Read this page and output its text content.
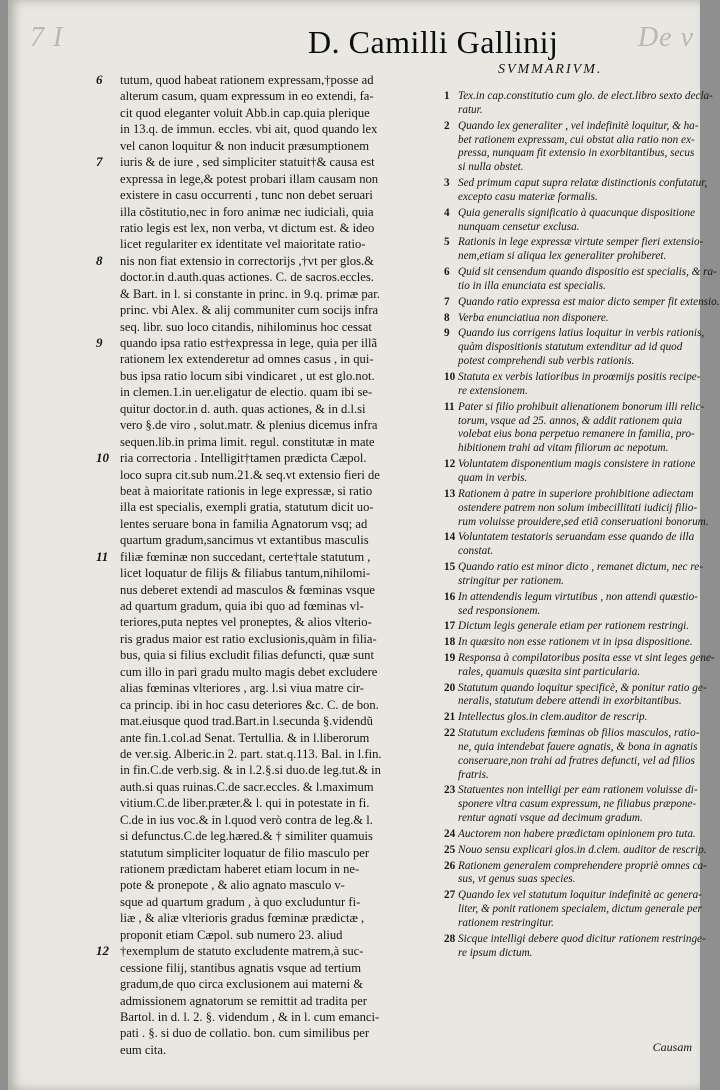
7 I	De v
D. Camilli Gallinij
6 tutum, quod habeat rationem expressam,†posse ad
alterum casum, quam expressum in eo extendi, fa-
cit quod eleganter voluit Abb.in cap.quia plerique
in 13.q. de immun. eccles. vbi ait, quod quando lex
vel canon loquitur & non inducit præsumptionem
7 iuris & de iure , sed simpliciter statuit†& causa est
expressa in lege,& potest probari illam causam non
existere in casu occurrenti , tunc non debet seruari
illa cõstitutio,nec in foro animæ nec iudiciali, quia
ratio legis est lex, non verba, vt dictum est. & ideo
licet regulariter ex identitate vel maioritate ratio-
8 nis non fiat extensio in correctorijs ,†vt per glos.&
doctor.in d.auth.quas actiones. C. de sacros.eccles.
& Bart. in l. si constante in princ. in 9.q. primæ par.
princ. vbi Alex. & alij communiter cum socijs infra
seq. libr. suo loco citandis, nihilominus hoc cessat
9 quando ipsa ratio est†expressa in lege, quia per illã
rationem lex extenderetur ad omnes casus , in qui-
bus ipsa ratio locum sibi vindicaret , ut est glo.not.
in clemen.1.in uer.eligatur de electio. quam ibi se-
quitur doctor.in d. auth. quas actiones, & in d.l.si
vero §.de viro , solut.matr. & plenius dicemus infra
sequen.lib.in prima limit. regul. constitutæ in mate
10 ria correctoria . Intelligit†tamen prædicta Cæpol.
loco supra cit.sub num.21.& seq.vt extensio fieri de
beat à maioritate rationis in lege expressæ, si ratio
illa est specialis, exempli gratia, statutum dicit uo-
lentes seruare bona in familia Agnatorum vsq; ad
quartum gradum,sancimus vt extantibus masculis
11 filiæ fœminæ non succedant, certe†tale statutum ,
licet loquatur de filijs & filiabus tantum,nihilomi-
nus deberet extendi ad masculos & fœminas vsque
ad quartum gradum, quia ibi quo ad fœminas vl-
teriores,puta neptes vel proneptes, & alios vlterio-
ris gradus maior est ratio exclusionis,quàm in filia-
bus, quia si filius excludit filias defuncti, quæ sunt
cum illo in pari gradu multo magis debet excludere
alias fœminas vlteriores , arg. l.si viua matre cir-
ca princip. ibi in hoc casu deteriores &c. C. de bon.
mat.eiusque quod trad.Bart.in l.secunda §.videndũ
ante fin.1.col.ad Senat. Tertullia. & in l.liberorum
de ver.sig. Alberic.in 2. part. stat.q.113. Bal. in l.fin.
in fin.C.de verb.sig. & in l.2.§.si duo.de leg.tut.& in
auth.si quas ruinas.C.de sacr.eccles. & l.maximum
vitium.C.de liber.præter.& l. qui in potestate in fi.
C.de in ius voc.& in l.quod verò contra de leg.& l.
si defunctus.C.de leg.hæred.& † similiter quamuis
statutum simpliciter loquatur de filio masculo per
rationem prædictam haberet etiam locum in ne-
pote & pronepote , & alio agnato masculo v-
sque ad quartum gradum , à quo excluduntur fi-
liæ , & aliæ vlterioris gradus fœminæ prædictæ ,
proponit etiam Cæpol. sub numero 23. aliud
12 †exemplum de statuto excludente matrem,à suc-
cessione filij, stantibus agnatis vsque ad tertium
gradum,de quo circa exclusionem aui materni &
admissionem agnatorum se remittit ad tradita per
Bartol. in d. l. 2. §. videndum , & in l. cum emanci-
pati . §. si duo de collatio. bon. cum similibus per
eum cita.
SVMMARIVM.
1 Tex.in cap.constitutio cum glo. de elect.libro sexto decla-
ratur.
2 Quando lex generaliter , vel indefinitè loquitur, & ha-
bet rationem expressam, cui obstat alia ratio non ex-
pressa, nunquam fit extensio in exorbitantibus, secus
si nulla obstet.
3 Sed primum caput supra relatæ distinctionis confutatur,
excepto casu materiæ formalis.
4 Quia generalis significatio à quacunque dispositione
nunquam censetur exclusa.
5 Rationis in lege expressæ virtute semper fieri extensio-
nem,etiam si aliqua lex generaliter prohiberet.
6 Quid sit censendum quando dispositio est specialis, & ra-
tio in illa enunciata est specialis.
7 Quando ratio expressa est maior dicto semper fit extensio.
8 Verba enunciatiua non disponere.
9 Quando ius corrigens latius loquitur in verbis rationis,
quàm dispositionis statutum extenditur ad id quod
potest comprehendi sub verbis rationis.
10 Statuta ex verbis latioribus in proœmijs positis recipe-
re extensionem.
11 Pater si filio prohibuit alienationem bonorum illi relic-
torum, vsque ad 25. annos, & addit rationem quia
volebat eius bona perpetuo remanere in familia, pro-
hibitionem trahi ad vitam filiorum ac nepotum.
12 Voluntatem disponentium magis consistere in ratione
quam in verbis.
13 Rationem à patre in superiore prohibitione adiectam
ostendere patrem non solum imbecillitati iudicij filio-
rum voluisse prouidere,sed etiã conseruationi bonorum.
14 Voluntatem testatoris seruandam esse quando de illa
constat.
15 Quando ratio est minor dicto , remanet dictum, nec re-
stringitur per rationem.
16 In attendendis legum virtutibus , non attendi quæstio-
sed responsionem.
17 Dictum legis generale etiam per rationem restringi.
18 In quæsito non esse rationem vt in ipsa dispositione.
19 Responsa à compilatoribus posita esse vt sint leges gene-
rales, quamuis quæsita sint particularia.
20 Statutum quando loquitur specificè, & ponitur ratio ge-
neralis, statutum debere attendi in exorbitantibus.
21 Intellectus glos.in clem.auditor de rescrip.
22 Statutum excludens fœminas ob filios masculos, ratio-
ne, quia intendebat fauere agnatis, & bona in agnatis
conseruare,non trahi ad fratres defuncti, vel ad filios
fratris.
23 Statuentes non intelligi per eam rationem voluisse di-
sponere vltra casum expressum, ne filiabus præpone-
rentur agnati vsque ad decimum gradum.
24 Auctorem non habere prædictam opinionem pro tuta.
25 Nouo sensu explicari glos.in d.clem. auditor de rescrip.
26 Rationem generalem comprehendere propriè omnes ca-
sus, vt genus suas species.
27 Quando lex vel statutum loquitur indefinitè ac genera-
liter, & ponit rationem specialem, dictum generale per
rationem restringitur.
28 Sicque intelligi debere quod dicitur rationem restringe-
re ipsum dictum.
Causam
